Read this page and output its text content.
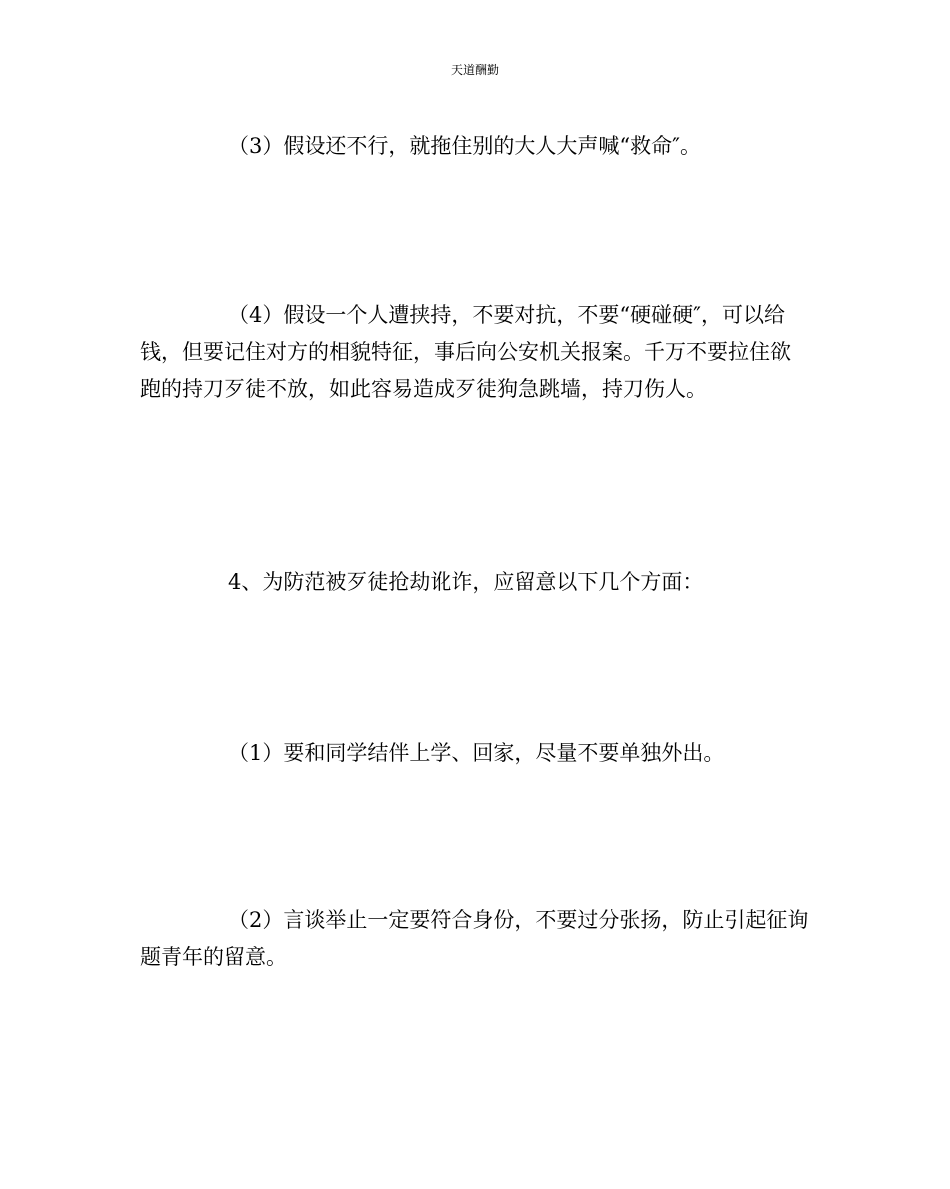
天道酬勤

（3）假设还不行，就拖住别的大人大声喊“救命″。

（4）假设一个人遭挟持，不要对抗，不要“硬碰硬″，可以给钱，但要记住对方的相貌特征，事后向公安机关报案。千万不要拉住欲跑的持刀歹徒不放，如此容易造成歹徒狗急跳墙，持刀伤人。

4、为防范被歹徒抢劫讹诈，应留意以下几个方面：

（1）要和同学结伴上学、回家，尽量不要单独外出。

（2）言谈举止一定要符合身份，不要过分张扬，防止引起征询题青年的留意。
